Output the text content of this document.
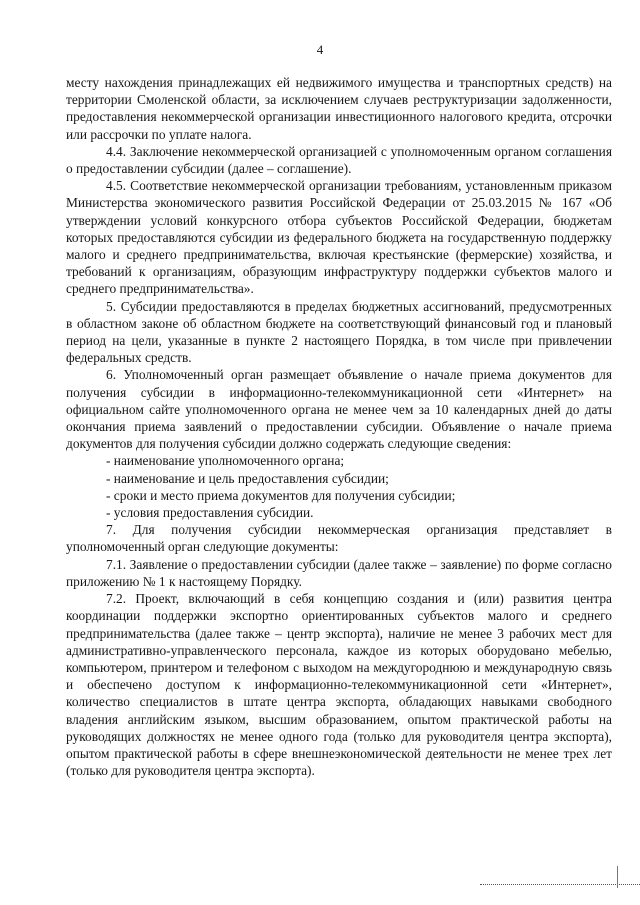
4

месту нахождения принадлежащих ей недвижимого имущества и транспортных средств) на территории Смоленской области, за исключением случаев реструктуризации задолженности, предоставления некоммерческой организации инвестиционного налогового кредита, отсрочки или рассрочки по уплате налога.

4.4. Заключение некоммерческой организацией с уполномоченным органом соглашения о предоставлении субсидии (далее – соглашение).

4.5. Соответствие некоммерческой организации требованиям, установленным приказом Министерства экономического развития Российской Федерации от 25.03.2015 № 167 «Об утверждении условий конкурсного отбора субъектов Российской Федерации, бюджетам которых предоставляются субсидии из федерального бюджета на государственную поддержку малого и среднего предпринимательства, включая крестьянские (фермерские) хозяйства, и требований к организациям, образующим инфраструктуру поддержки субъектов малого и среднего предпринимательства».

5. Субсидии предоставляются в пределах бюджетных ассигнований, предусмотренных в областном законе об областном бюджете на соответствующий финансовый год и плановый период на цели, указанные в пункте 2 настоящего Порядка, в том числе при привлечении федеральных средств.

6. Уполномоченный орган размещает объявление о начале приема документов для получения субсидии в информационно-телекоммуникационной сети «Интернет» на официальном сайте уполномоченного органа не менее чем за 10 календарных дней до даты окончания приема заявлений о предоставлении субсидии. Объявление о начале приема документов для получения субсидии должно содержать следующие сведения:

- наименование уполномоченного органа;

- наименование и цель предоставления субсидии;

- сроки и место приема документов для получения субсидии;

- условия предоставления субсидии.

7. Для получения субсидии некоммерческая организация представляет в уполномоченный орган следующие документы:

7.1. Заявление о предоставлении субсидии (далее также – заявление) по форме согласно приложению № 1 к настоящему Порядку.

7.2. Проект, включающий в себя концепцию создания и (или) развития центра координации поддержки экспортно ориентированных субъектов малого и среднего предпринимательства (далее также – центр экспорта), наличие не менее 3 рабочих мест для административно-управленческого персонала, каждое из которых оборудовано мебелью, компьютером, принтером и телефоном с выходом на междугороднюю и международную связь и обеспечено доступом к информационно-телекоммуникационной сети «Интернет», количество специалистов в штате центра экспорта, обладающих навыками свободного владения английским языком, высшим образованием, опытом практической работы на руководящих должностях не менее одного года (только для руководителя центра экспорта), опытом практической работы в сфере внешнеэкономической деятельности не менее трех лет (только для руководителя центра экспорта).
